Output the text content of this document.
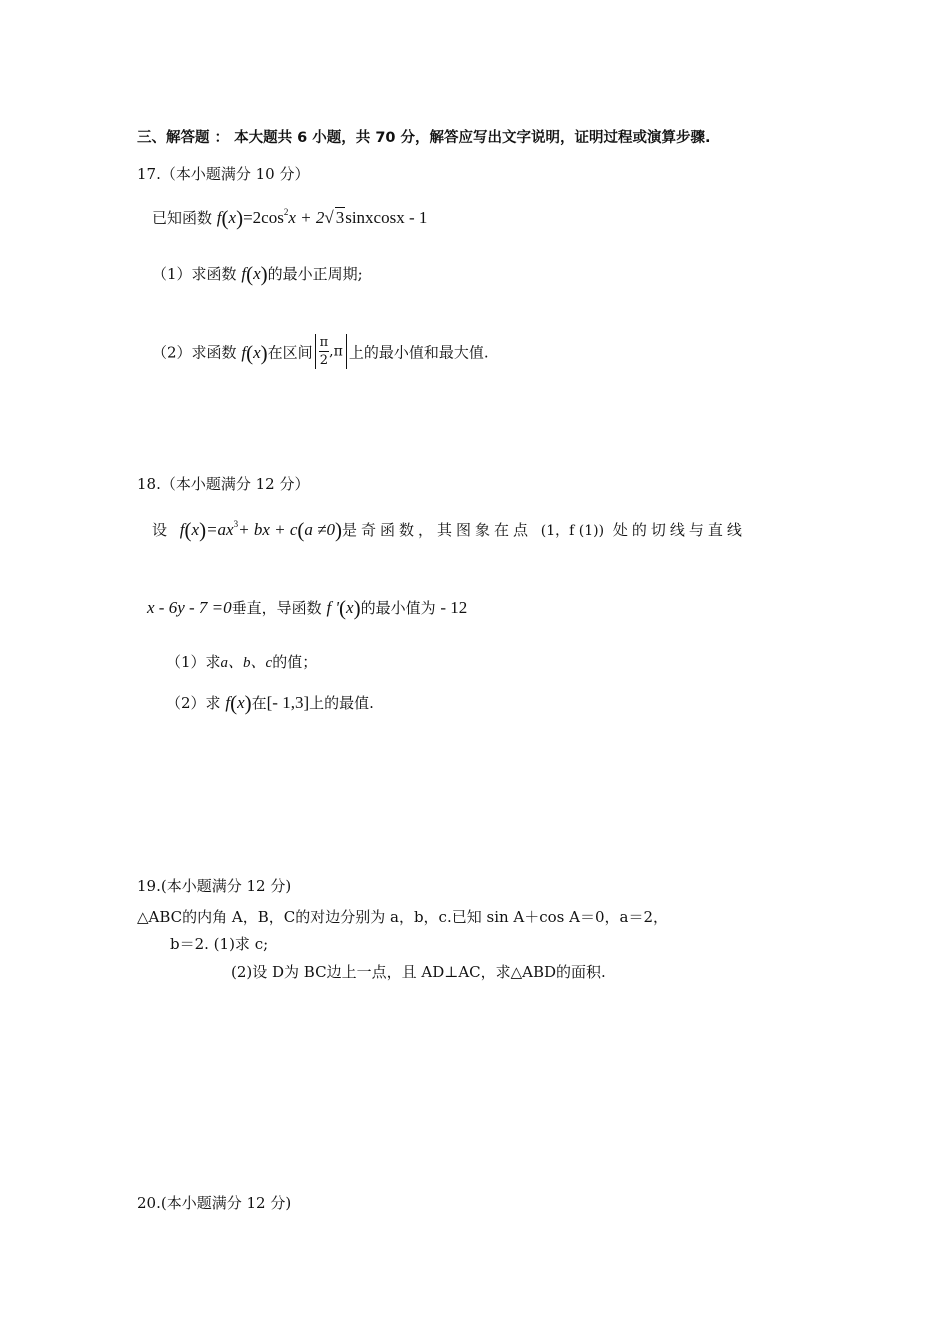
三、解答题 ： 本大题共 6 小题，共 70 分，解答应写出文字说明，证明过程或演算步骤.
17.（本小题满分 10 分）
已知函数 $f(x)=2\cos^2x + 2√$ 3sinxcosx - 1
（1）求函数 f(x)的最小正周期;
（2）求函数 f(x)在区间 $\frac{\pi}{2} ,\pi$ 上的最小值和最大值.
18.（本小题满分 12 分）
设 $f(x)=ax^3+$ bx + c(a ≠0)是奇函数，其图象在点 (1，f (1)) 处的切线与直线
x - 6y - 7 =0垂直，导函数 f '(x)的最小值为 - 12
（1）求a、b、c的值；
（2）求 f(x)在[- 1,3]上的最值.
19.(本小题满分 12 分)
△ABC的内角 A，B，C的对边分别为 a，b，c.已知 sin A＋cos A＝0，a＝2，
b＝2. (1)求 c;
(2)设 D为 BC边上一点，且 AD⊥AC，求△ABD的面积.
20.(本小题满分 12 分)
